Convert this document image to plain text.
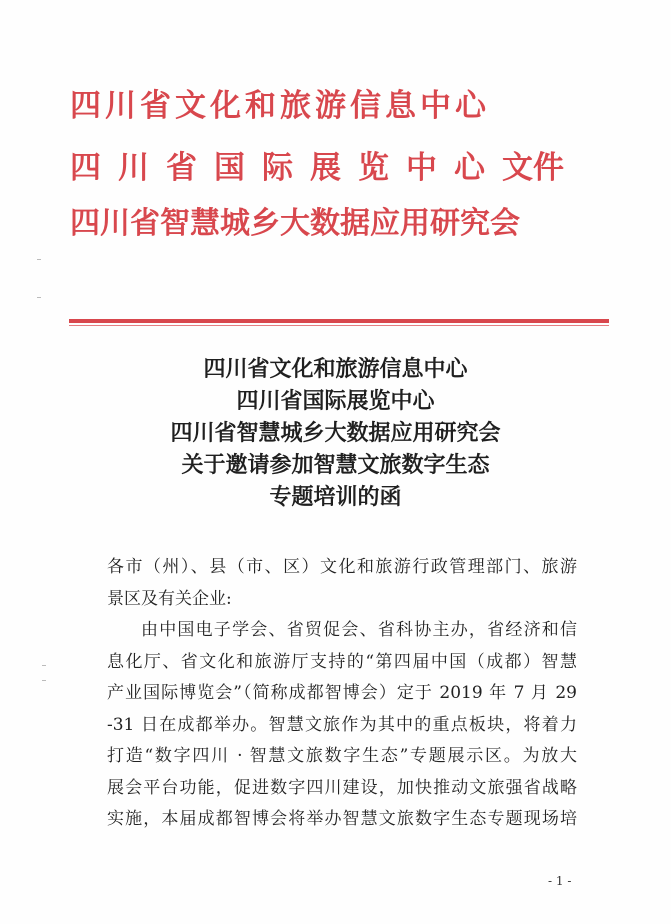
四川省文化和旅游信息中心
四川省国际展览中心文件
四川省智慧城乡大数据应用研究会
四川省文化和旅游信息中心
四川省国际展览中心
四川省智慧城乡大数据应用研究会
关于邀请参加智慧文旅数字生态
专题培训的函
各市（州）、县（市、区）文化和旅游行政管理部门、旅游
景区及有关企业:
由中国电子学会、省贸促会、省科协主办，省经济和信
息化厅、省文化和旅游厅支持的“第四届中国（成都）智慧
产业国际博览会”（简称成都智博会）定于 2019 年 7 月 29
-31 日在成都举办。智慧文旅作为其中的重点板块，将着力
打造“数字四川 · 智慧文旅数字生态”专题展示区。为放大
展会平台功能，促进数字四川建设，加快推动文旅强省战略
实施，本届成都智博会将举办智慧文旅数字生态专题现场培
- 1 -
